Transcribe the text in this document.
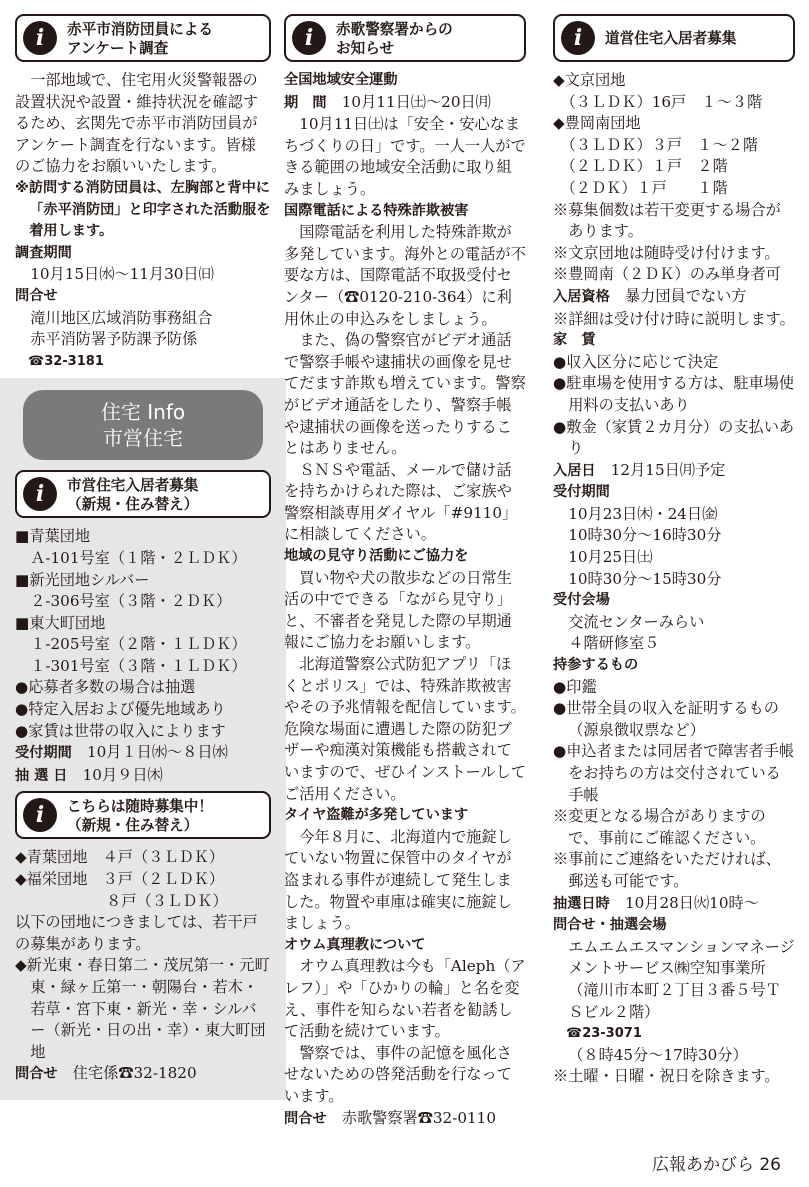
i	赤平市消防団員による
アンケート調査

一部地域で、住宅用火災警報器の設置状況や設置・維持状況を確認するため、玄関先で赤平市消防団員がアンケート調査を行ないます。皆様のご協力をお願いいたします。

※訪問する消防団員は、左胸部と背中に「赤平消防団」と印字された活動服を着用します。

調査期間
10月15日㈬〜11月30日㈰
問合せ
滝川地区広域消防事務組合
赤平消防署予防課予防係
☎32-3181
住宅 Info
市営住宅
i	市営住宅入居者募集
（新規・住み替え）
■青葉団地
　Ａ-101号室（１階・２ＬＤＫ）
■新光団地シルバー
　２-306号室（３階・２ＤＫ）
■東大町団地
　１-205号室（２階・１ＬＤＫ）
　１-301号室（３階・１ＬＤＫ）
●応募者多数の場合は抽選
●特定入居および優先地域あり
●家賃は世帯の収入によります
受付期間　 10月１日㈬〜８日㈬
抽 選 日　 10月９日㈭
i	こちらは随時募集中！
（新規・住み替え）
◆青葉団地　４戸（３ＬＤＫ）
◆福栄団地　３戸（２ＬＤＫ）
　　　　　　８戸（３ＬＤＫ）

以下の団地につきましては、若干戸の募集があります。

◆新光東・春日第二・茂尻第一・元町東・緑ヶ丘第一・朝陽台・若木・若草・宮下東・新光・幸・シルバー（新光・日の出・幸）・東大町団地

問合せ　 住宅係☎32-1820
i	赤歌警察署からの
お知らせ
全国地域安全運動
期　間　 10月11日㈯〜20日㈪

10月11日㈯は「安全・安心なまちづくりの日」です。一人一人ができる範囲の地域安全活動に取り組みましょう。

国際電話による特殊詐欺被害

国際電話を利用した特殊詐欺が多発しています。海外との電話が不要な方は、国際電話不取扱受付センター（☎0120-210-364）に利用休止の申込みをしましょう。

また、偽の警察官がビデオ通話で警察手帳や逮捕状の画像を見せてだます詐欺も増えています。警察がビデオ通話をしたり、警察手帳や逮捕状の画像を送ったりすることはありません。

ＳＮＳや電話、メールで儲け話を持ちかけられた際は、ご家族や警察相談専用ダイヤル「#9110」に相談してください。

地域の見守り活動にご協力を

買い物や犬の散歩などの日常生活の中でできる「ながら見守り」と、不審者を発見した際の早期通報にご協力をお願いします。

北海道警察公式防犯アプリ「ほくとポリス」では、特殊詐欺被害やその予兆情報を配信しています。危険な場面に遭遇した際の防犯ブザーや痴漢対策機能も搭載されていますので、ぜひインストールしてご活用ください。

タイヤ盗難が多発しています

今年８月に、北海道内で施錠していない物置に保管中のタイヤが盗まれる事件が連続して発生しました。物置や車庫は確実に施錠しましょう。

オウム真理教について

オウム真理教は今も「Aleph（アレフ）」や「ひかりの輪」と名を変え、事件を知らない若者を勧誘して活動を続けています。

警察では、事件の記憶を風化させないための啓発活動を行なっています。

問合せ　 赤歌警察署☎32-0110
i	道営住宅入居者募集
◆文京団地
　（３ＬＤＫ）16戸　１〜３階
◆豊岡南団地
　（３ＬＤＫ）３戸　１〜２階
　（２ＬＤＫ）１戸　２階
　（２ＤＫ）１戸　　１階
※募集個数は若干変更する場合があります。
※文京団地は随時受け付けます。
※豊岡南（２ＤＫ）のみ単身者可
入居資格　 暴力団員でない方
※詳細は受け付け時に説明します。
家　賃
●収入区分に応じて決定
●駐車場を使用する方は、駐車場使用料の支払いあり
●敷金（家賃２カ月分）の支払いあり
入居日　 12月15日㈪予定
受付期間
10月23日㈭・24日㈮
10時30分〜16時30分
10月25日㈯
10時30分〜15時30分
受付会場
交流センターみらい
４階研修室５
持参するもの
●印鑑
●世帯全員の収入を証明するもの（源泉徴収票など）
●申込者または同居者で障害者手帳をお持ちの方は交付されている手帳
※変更となる場合がありますので、事前にご確認ください。
※事前にご連絡をいただければ、郵送も可能です。
抽選日時　 10月28日㈫10時〜
問合せ・抽選会場
エムエムエスマンションマネージメントサービス㈱空知事業所
（滝川市本町２丁目３番５号ＴＳビル２階）
☎23-3071
（８時45分〜17時30分）
※土曜・日曜・祝日を除きます。
広報あかびら 26
